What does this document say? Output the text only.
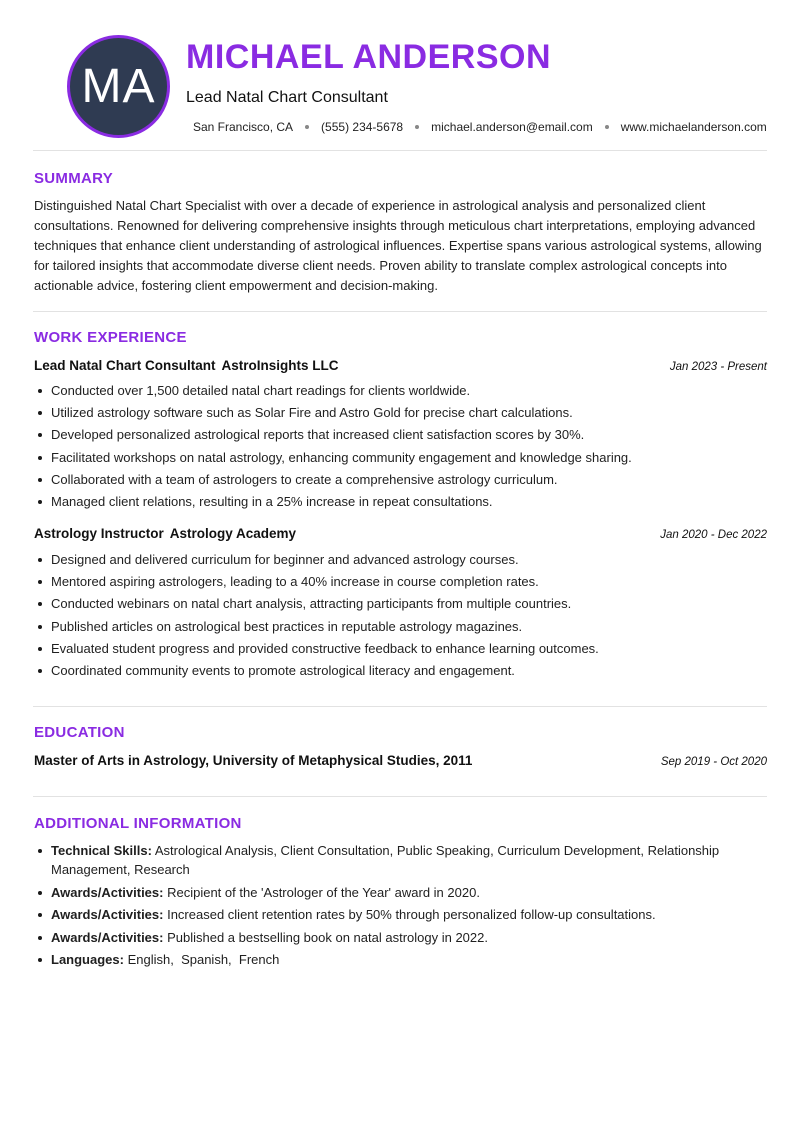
MA
MICHAEL ANDERSON
Lead Natal Chart Consultant
San Francisco, CA (555) 234-5678 michael.anderson@email.com www.michaelanderson.com
SUMMARY

Distinguished Natal Chart Specialist with over a decade of experience in astrological analysis and personalized client consultations. Renowned for delivering comprehensive insights through meticulous chart interpretations, employing advanced techniques that enhance client understanding of astrological influences. Expertise spans various astrological systems, allowing for tailored insights that accommodate diverse client needs. Proven ability to translate complex astrological concepts into actionable advice, fostering client empowerment and decision-making.

WORK EXPERIENCE
Lead Natal Chart Consultant AstroInsights LLC	Jan 2023 - Present
Conducted over 1,500 detailed natal chart readings for clients worldwide.
Utilized astrology software such as Solar Fire and Astro Gold for precise chart calculations.
Developed personalized astrological reports that increased client satisfaction scores by 30%.
Facilitated workshops on natal astrology, enhancing community engagement and knowledge sharing.
Collaborated with a team of astrologers to create a comprehensive astrology curriculum.
Managed client relations, resulting in a 25% increase in repeat consultations.
Astrology Instructor Astrology Academy	Jan 2020 - Dec 2022
Designed and delivered curriculum for beginner and advanced astrology courses.
Mentored aspiring astrologers, leading to a 40% increase in course completion rates.
Conducted webinars on natal chart analysis, attracting participants from multiple countries.
Published articles on astrological best practices in reputable astrology magazines.
Evaluated student progress and provided constructive feedback to enhance learning outcomes.
Coordinated community events to promote astrological literacy and engagement.
EDUCATION
Master of Arts in Astrology, University of Metaphysical Studies, 2011	Sep 2019 - Oct 2020
ADDITIONAL INFORMATION
Technical Skills: Astrological Analysis, Client Consultation, Public Speaking, Curriculum Development, Relationship Management, Research
Awards/Activities: Recipient of the 'Astrologer of the Year' award in 2020.
Awards/Activities: Increased client retention rates by 50% through personalized follow-up consultations.
Awards/Activities: Published a bestselling book on natal astrology in 2022.
Languages: English,  Spanish,  French
